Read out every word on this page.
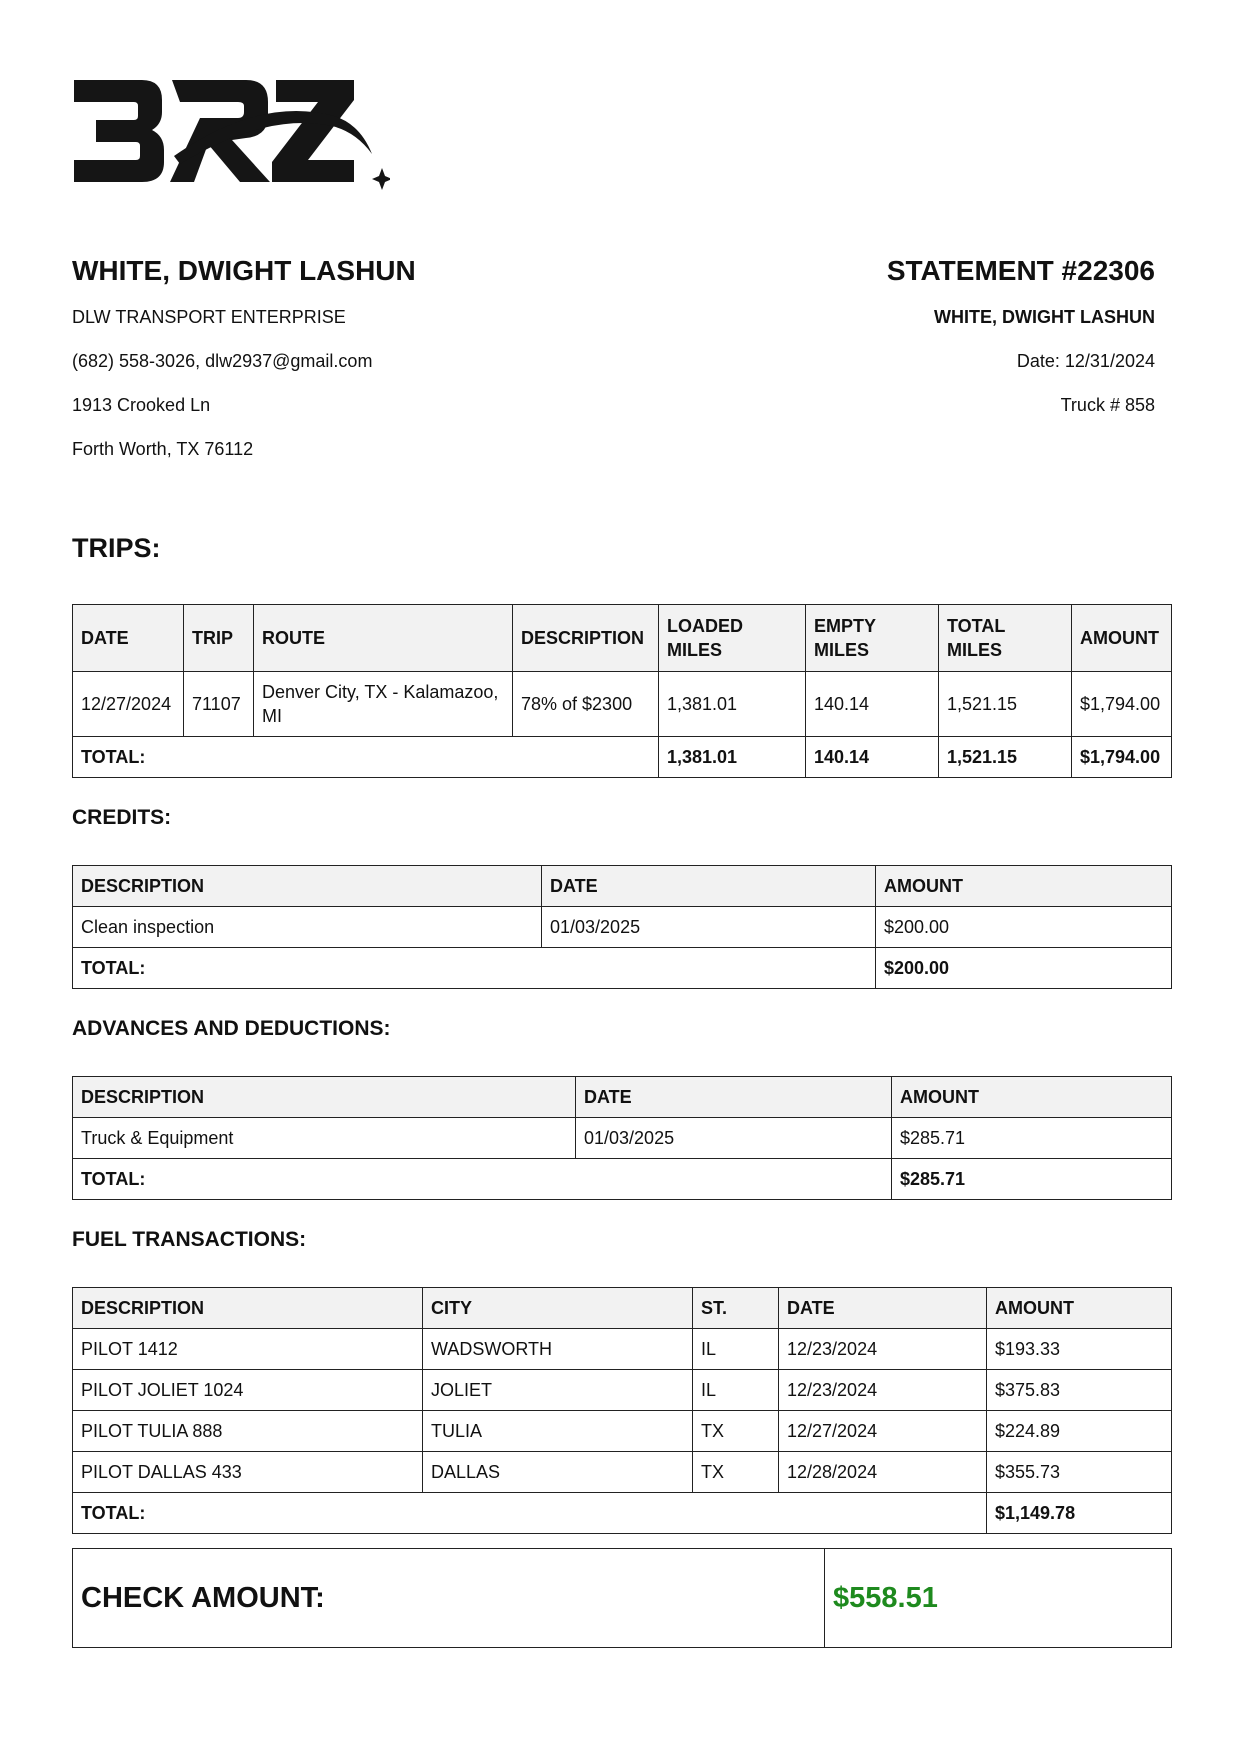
WHITE, DWIGHT LASHUN
DLW TRANSPORT ENTERPRISE
(682) 558-3026, dlw2937@gmail.com
1913 Crooked Ln
Forth Worth, TX 76112
STATEMENT #22306
WHITE, DWIGHT LASHUN
Date: 12/31/2024
Truck # 858
TRIPS:
DATE	TRIP	ROUTE	DESCRIPTION	LOADED MILES	EMPTY MILES	TOTAL MILES	AMOUNT
12/27/2024	71107	Denver City, TX - Kalamazoo, MI	78% of $2300	1,381.01	140.14	1,521.15	$1,794.00
TOTAL:				1,381.01	140.14	1,521.15	$1,794.00
CREDITS:
DESCRIPTION	DATE	AMOUNT
Clean inspection	01/03/2025	$200.00
TOTAL:		$200.00
ADVANCES AND DEDUCTIONS:
DESCRIPTION	DATE	AMOUNT
Truck & Equipment	01/03/2025	$285.71
TOTAL:		$285.71
FUEL TRANSACTIONS:
DESCRIPTION	CITY	ST.	DATE	AMOUNT
PILOT 1412	WADSWORTH	IL	12/23/2024	$193.33
PILOT JOLIET 1024	JOLIET	IL	12/23/2024	$375.83
PILOT TULIA 888	TULIA	TX	12/27/2024	$224.89
PILOT DALLAS 433	DALLAS	TX	12/28/2024	$355.73
TOTAL:				$1,149.78
CHECK AMOUNT:	$558.51
